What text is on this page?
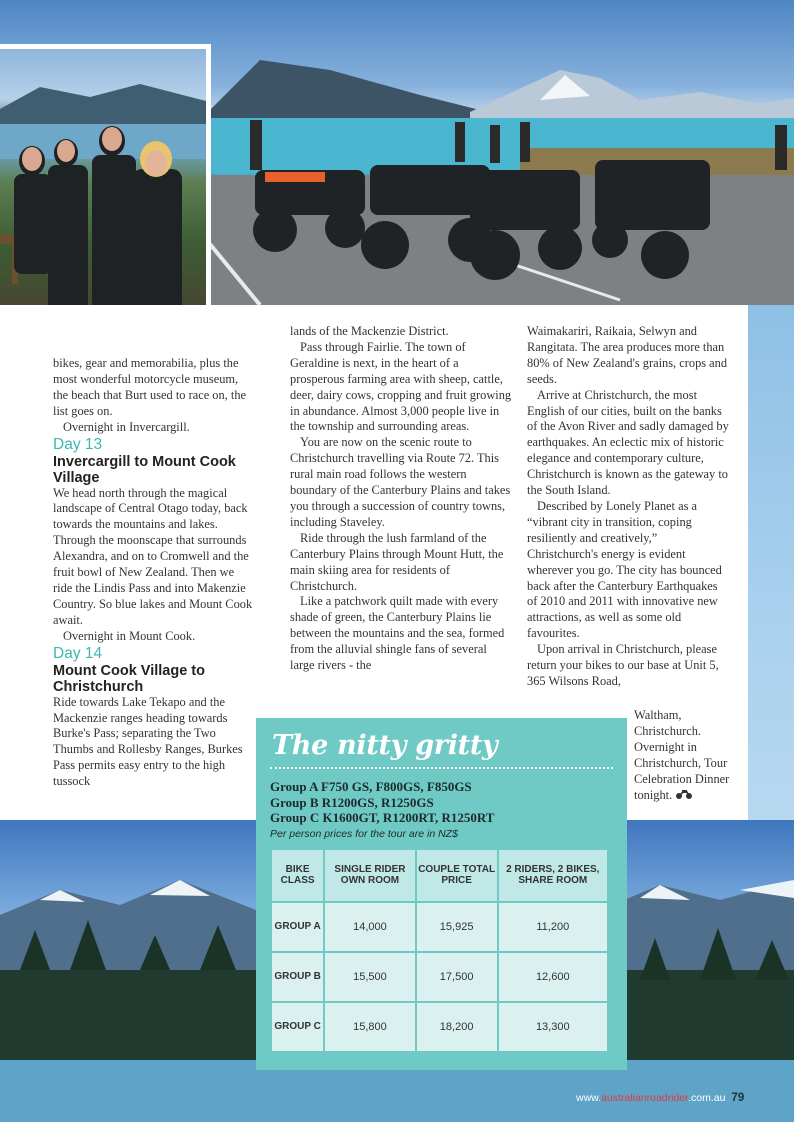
bikes, gear and memorabilia, plus the most wonderful motorcycle museum, the beach that Burt used to race on, the list goes on.

Overnight in Invercargill.

Day 13

Invercargill to Mount Cook Village

We head north through the magical landscape of Central Otago today, back towards the mountains and lakes. Through the moonscape that surrounds Alexandra, and on to Cromwell and the fruit bowl of New Zealand. Then we ride the Lindis Pass and into Makenzie Country. So blue lakes and Mount Cook await.

Overnight in Mount Cook.

Day 14

Mount Cook Village to Christchurch

Ride towards Lake Tekapo and the Mackenzie ranges heading towards Burke's Pass; separating the Two Thumbs and Rollesby Ranges, Burkes Pass permits easy entry to the high tussock

lands of the Mackenzie District.

Pass through Fairlie. The town of Geraldine is next, in the heart of a prosperous farming area with sheep, cattle, deer, dairy cows, cropping and fruit growing in abundance. Almost 3,000 people live in the township and surrounding areas.

You are now on the scenic route to Christchurch travelling via Route 72. This rural main road follows the western boundary of the Canterbury Plains and takes you through a succession of country towns, including Staveley.

Ride through the lush farmland of the Canterbury Plains through Mount Hutt, the main skiing area for residents of Christchurch.

Like a patchwork quilt made with every shade of green, the Canterbury Plains lie between the mountains and the sea, formed from the alluvial shingle fans of several large rivers - the

Waimakariri, Raikaia, Selwyn and Rangitata. The area produces more than 80% of New Zealand's grains, crops and seeds.

Arrive at Christchurch, the most English of our cities, built on the banks of the Avon River and sadly damaged by earthquakes. An eclectic mix of historic elegance and contemporary culture, Christchurch is known as the gateway to the South Island.

Described by Lonely Planet as a “vibrant city in transition, coping resiliently and creatively,” Christchurch's energy is evident wherever you go. The city has bounced back after the Canterbury Earthquakes of 2010 and 2011 with innovative new attractions, as well as some old favourites.

Upon arrival in Christchurch, please return your bikes to our base at Unit 5, 365 Wilsons Road,

Waltham, Christchurch.

Overnight in Christchurch, Tour Celebration Dinner tonight.

The nitty gritty
Group A F750 GS, F800GS, F850GS
Group B R1200GS, R1250GS
Group C K1600GT, R1200RT, R1250RT
Per person prices for the tour are in NZ$
BIKE CLASS	SINGLE RIDER OWN ROOM	COUPLE TOTAL PRICE	2 RIDERS, 2 BIKES, SHARE ROOM
GROUP A	14,000	15,925	11,200
GROUP B	15,500	17,500	12,600
GROUP C	15,800	18,200	13,300
www.australianroadrider.com.au 79
